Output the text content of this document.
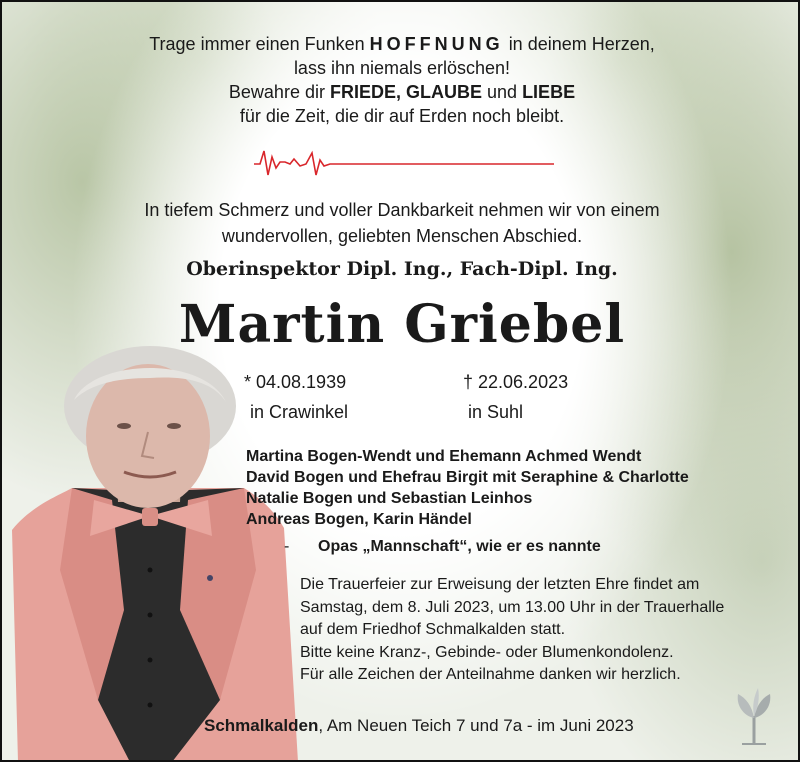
Trage immer einen Funken HOFFNUNG in deinem Herzen,
lass ihn niemals erlöschen!
Bewahre dir FRIEDE, GLAUBE und LIEBE
für die Zeit, die dir auf Erden noch bleibt.
In tiefem Schmerz und voller Dankbarkeit nehmen wir von einem
wundervollen, geliebten Menschen Abschied.
Oberinspektor Dipl. Ing., Fach-Dipl. Ing.
Martin Griebel
* 04.08.1939
in Crawinkel
† 22.06.2023
in Suhl
Martina Bogen-Wendt und Ehemann Achmed Wendt
David Bogen und Ehefrau Birgit mit Seraphine & Charlotte
Natalie Bogen und Sebastian Leinhos
Andreas Bogen, Karin Händel
- Opas „Mannschaft“, wie er es nannte
Die Trauerfeier zur Erweisung der letzten Ehre findet am
Samstag, dem 8. Juli 2023, um 13.00 Uhr in der Trauerhalle
auf dem Friedhof Schmalkalden statt.
Bitte keine Kranz-, Gebinde- oder Blumenkondolenz.
Für alle Zeichen der Anteilnahme danken wir herzlich.
Schmalkalden, Am Neuen Teich 7 und 7a - im Juni 2023
